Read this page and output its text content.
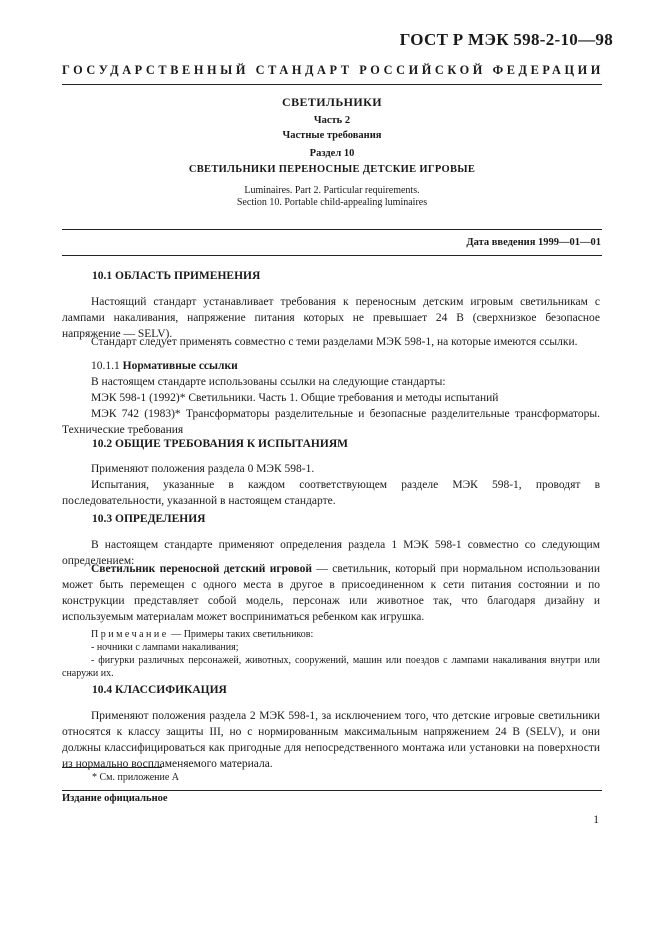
ГОСТ Р МЭК 598-2-10—98
ГОСУДАРСТВЕННЫЙ СТАНДАРТ РОССИЙСКОЙ ФЕДЕРАЦИИ
СВЕТИЛЬНИКИ
Часть 2
Частные требования
Раздел 10
СВЕТИЛЬНИКИ ПЕРЕНОСНЫЕ ДЕТСКИЕ ИГРОВЫЕ
Luminaires. Part 2. Particular requirements.
Section 10. Portable child-appealing luminaires
Дата введения 1999—01—01
10.1 ОБЛАСТЬ ПРИМЕНЕНИЯ

Настоящий стандарт устанавливает требования к переносным детским игровым светильникам с лампами накаливания, напряжение питания которых не превышает 24 В (сверхнизкое безопасное напряжение — SELV).

Стандарт следует применять совместно с теми разделами МЭК 598-1, на которые имеются ссылки.

10.1.1 Нормативные ссылки

В настоящем стандарте использованы ссылки на следующие стандарты:

МЭК 598-1 (1992)* Светильники. Часть 1. Общие требования и методы испытаний

МЭК 742 (1983)* Трансформаторы разделительные и безопасные разделительные трансформаторы. Технические требования

10.2 ОБЩИЕ ТРЕБОВАНИЯ К ИСПЫТАНИЯМ

Применяют положения раздела 0 МЭК 598-1.

Испытания, указанные в каждом соответствующем разделе МЭК 598-1, проводят в последовательности, указанной в настоящем стандарте.

10.3 ОПРЕДЕЛЕНИЯ

В настоящем стандарте применяют определения раздела 1 МЭК 598-1 совместно со следующим определением:

Светильник переносной детский игровой — светильник, который при нормальном использовании может быть перемещен с одного места в другое в присоединенном к сети питания состоянии и по конструкции представляет собой модель, персонаж или животное так, что благодаря дизайну и используемым материалам может восприниматься ребенком как игрушка.

Примечание — Примеры таких светильников:

- ночники с лампами накаливания;

- фигурки различных персонажей, животных, сооружений, машин или поездов с лампами накаливания внутри или снаружи их.

10.4 КЛАССИФИКАЦИЯ

Применяют положения раздела 2 МЭК 598-1, за исключением того, что детские игровые светильники относятся к классу защиты III, но с нормированным максимальным напряжением 24 В (SELV), и они должны классифицироваться как пригодные для непосредственного монтажа или установки на поверхности из нормально воспламеняемого материала.

* См. приложение А
Издание официальное
1
